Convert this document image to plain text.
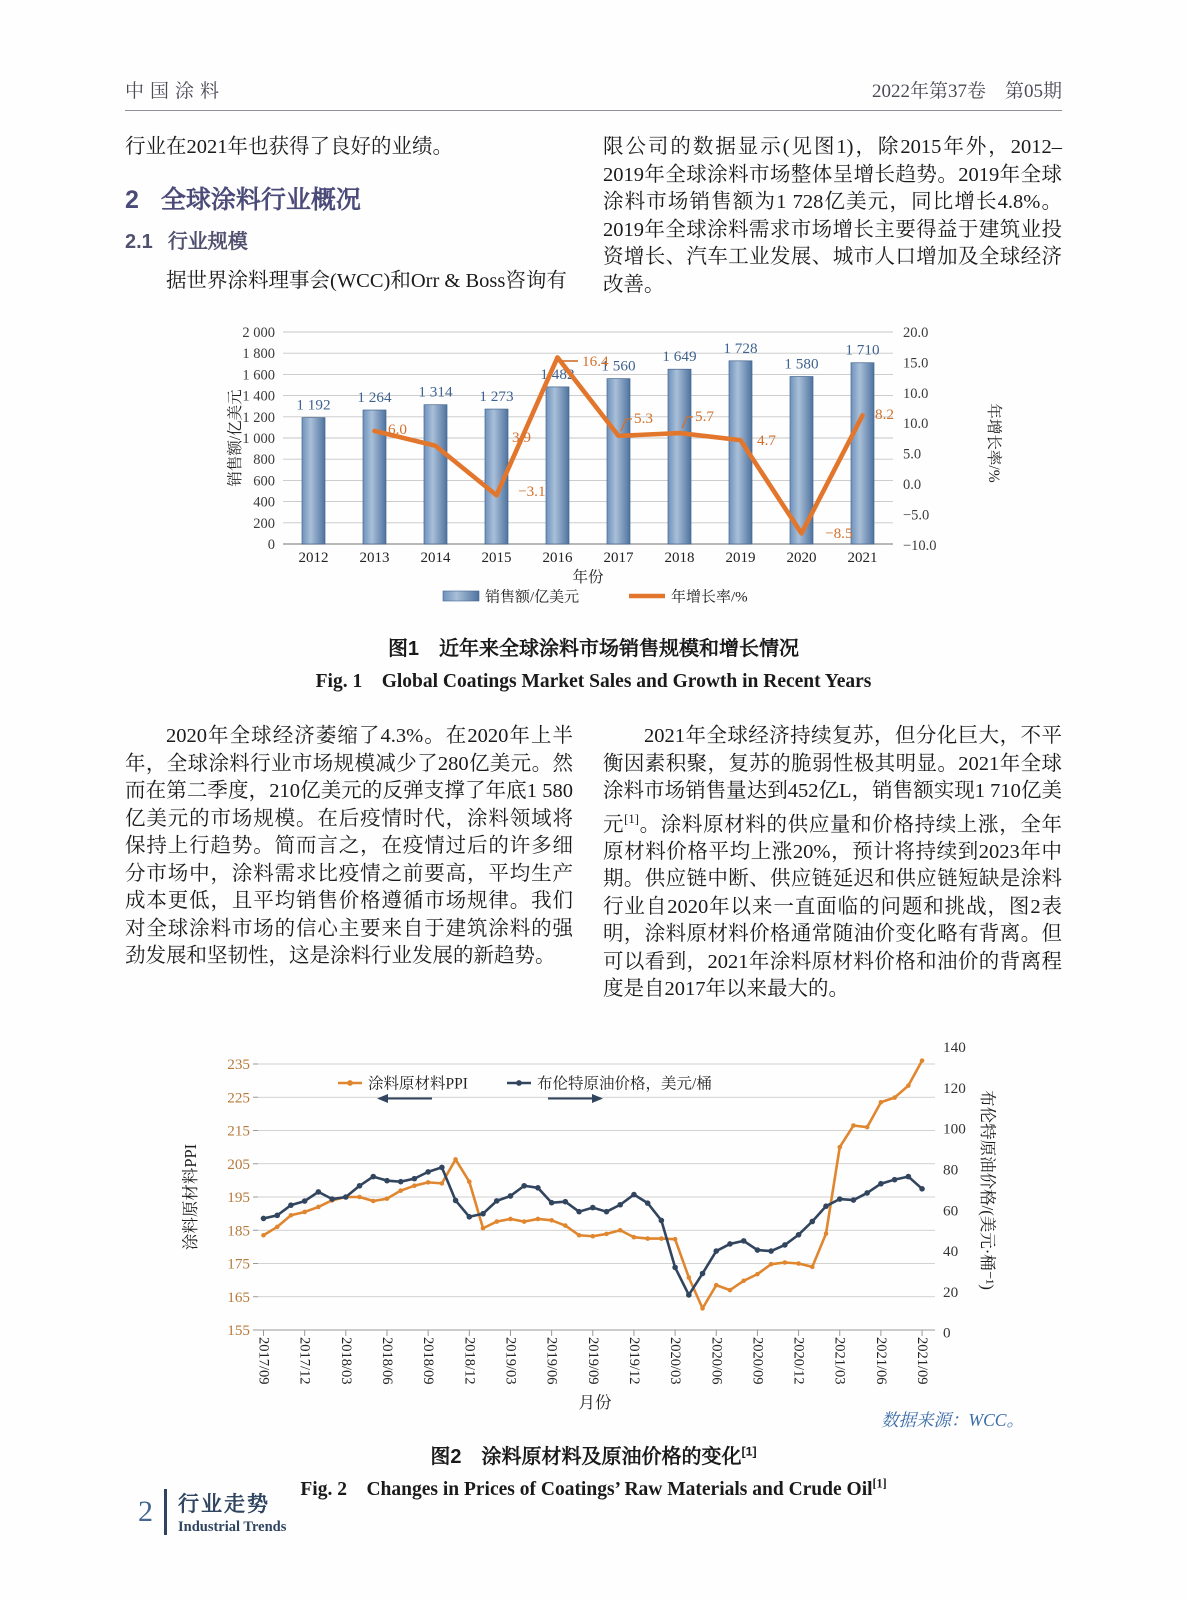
中国涂料	2022年第37卷　第05期

行业在2021年也获得了良好的业绩。

2 全球涂料行业概况
2.1 行业规模

据世界涂料理事会(WCC)和Orr & Boss咨询有

限公司的数据显示(见图1)，除2015年外，2012–2019年全球涂料市场整体呈增长趋势。2019年全球涂料市场销售额为1 728亿美元，同比增长4.8%。2019年全球涂料需求市场增长主要得益于建筑业投资增长、汽车工业发展、城市人口增加及全球经济改善。

0
200
400
600
800
1 000
1 200
1 400
1 600
1 800
2 000	20.0
15.0
10.0
10.0
5.0
0.0
−5.0
−10.0
1 192 1 264 1 314 1 273
1 482 1 560
1 649 1 728
1 580
1 710
6.0	3.9
−3.1
16.4
5.3	5.7
4.7
−8.5
8.2
2012 2013 2014 2015 2016 2017 2018 2019 2020 2021
年份
销售额/亿美元	年增长率/%
销售额/亿美元	年增长率/%
图1　近年来全球涂料市场销售规模和增长情况
Fig. 1　Global Coatings Market Sales and Growth in Recent Years

2020年全球经济萎缩了4.3%。在2020年上半年，全球涂料行业市场规模减少了280亿美元。然而在第二季度，210亿美元的反弹支撑了年底1 580亿美元的市场规模。在后疫情时代，涂料领域将保持上行趋势。简而言之，在疫情过后的许多细分市场中，涂料需求比疫情之前要高，平均生产成本更低，且平均销售价格遵循市场规律。我们对全球涂料市场的信心主要来自于建筑涂料的强劲发展和坚韧性，这是涂料行业发展的新趋势。

2021年全球经济持续复苏，但分化巨大，不平衡因素积聚，复苏的脆弱性极其明显。2021年全球涂料市场销售量达到452亿L，销售额实现1 710亿美元[1]。涂料原材料的供应量和价格持续上涨，全年原材料价格平均上涨20%，预计将持续到2023年中期。供应链中断、供应链延迟和供应链短缺是涂料行业自2020年以来一直面临的问题和挑战，图2表明，涂料原材料价格通常随油价变化略有背离。但可以看到，2021年涂料原材料价格和油价的背离程度是自2017年以来最大的。

155
165
175
185
195
205
215
225
235
0
20
40
60
80
100
120
140
2017/09 2017/12 2018/03 2018/06 2018/09 2018/12 2019/03 2019/06 2019/09 2019/12 2020/03 2020/06 2020/09 2020/12 2021/03 2021/06 2021/09
月份
涂料原材料PPI	布伦特原油价格，美元/桶
涂料原材料PPI	布伦特原油价格/(美元·桶⁻¹)
数据来源：WCC。
图2　涂料原材料及原油价格的变化[1]
Fig. 2　Changes in Prices of Coatings’ Raw Materials and Crude Oil[1]
2 行业走势
Industrial Trends
